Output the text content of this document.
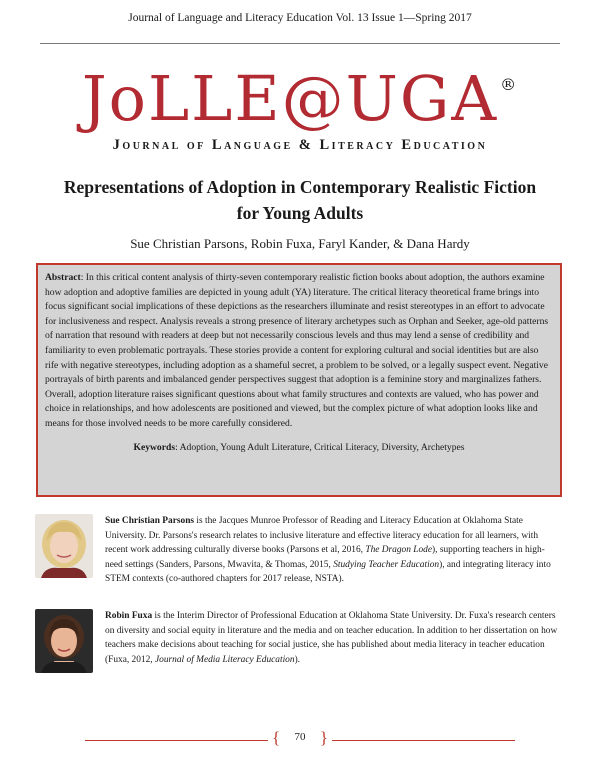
Journal of Language and Literacy Education Vol. 13 Issue 1—Spring 2017
JoLLE@UGA ®
Journal of Language & Literacy Education
Representations of Adoption in Contemporary Realistic Fiction for Young Adults
Sue Christian Parsons, Robin Fuxa, Faryl Kander, & Dana Hardy
Abstract: In this critical content analysis of thirty-seven contemporary realistic fiction books about adoption, the authors examine how adoption and adoptive families are depicted in young adult (YA) literature. The critical literacy theoretical frame brings into focus significant social implications of these depictions as the researchers illuminate and resist stereotypes in an effort to advocate for inclusiveness and respect. Analysis reveals a strong presence of literary archetypes such as Orphan and Seeker, age-old patterns of narration that resound with readers at deep but not necessarily conscious levels and thus may lend a sense of credibility and familiarity to even problematic portrayals. These stories provide a content for exploring cultural and social identities but are also rife with negative stereotypes, including adoption as a shameful secret, a problem to be solved, or a legally suspect event. Negative portrayals of birth parents and imbalanced gender perspectives suggest that adoption is a feminine story and marginalizes fathers. Overall, adoption literature raises significant questions about what family structures and contexts are valued, who has power and choice in relationships, and how adolescents are positioned and viewed, but the complex picture of what adoption looks like and means for those involved needs to be more carefully considered.
Keywords: Adoption, Young Adult Literature, Critical Literacy, Diversity, Archetypes
Sue Christian Parsons is the Jacques Munroe Professor of Reading and Literacy Education at Oklahoma State University. Dr. Parsons's research relates to inclusive literature and effective literacy education for all learners, with recent work addressing culturally diverse books (Parsons et al, 2016, The Dragon Lode), supporting teachers in high-need settings (Sanders, Parsons, Mwavita, & Thomas, 2015, Studying Teacher Education), and integrating literacy into STEM contexts (co-authored chapters for 2017 release, NSTA).
Robin Fuxa is the Interim Director of Professional Education at Oklahoma State University. Dr. Fuxa's research centers on diversity and social equity in literature and the media and on teacher education. In addition to her dissertation on how teachers make decisions about teaching for social justice, she has published about media literacy in teacher education (Fuxa, 2012, Journal of Media Literacy Education).
{ 70 }
